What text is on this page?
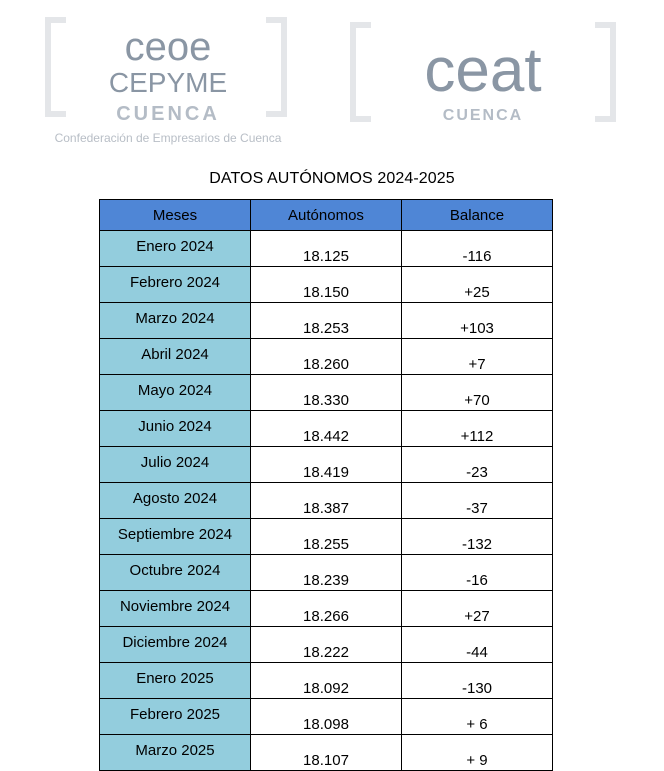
ceoe
CEPYME
CUENCA
Confederación de Empresarios de Cuenca
ceat
CUENCA
DATOS AUTÓNOMOS 2024-2025
Meses	Autónomos	Balance
Enero 2024	18.125	-116
Febrero 2024	18.150	+25
Marzo 2024	18.253	+103
Abril 2024	18.260	+7
Mayo 2024	18.330	+70
Junio 2024	18.442	+112
Julio 2024	18.419	-23
Agosto 2024	18.387	-37
Septiembre 2024	18.255	-132
Octubre 2024	18.239	-16
Noviembre 2024	18.266	+27
Diciembre 2024	18.222	-44
Enero 2025	18.092	-130
Febrero 2025	18.098	+ 6
Marzo 2025	18.107	+ 9
